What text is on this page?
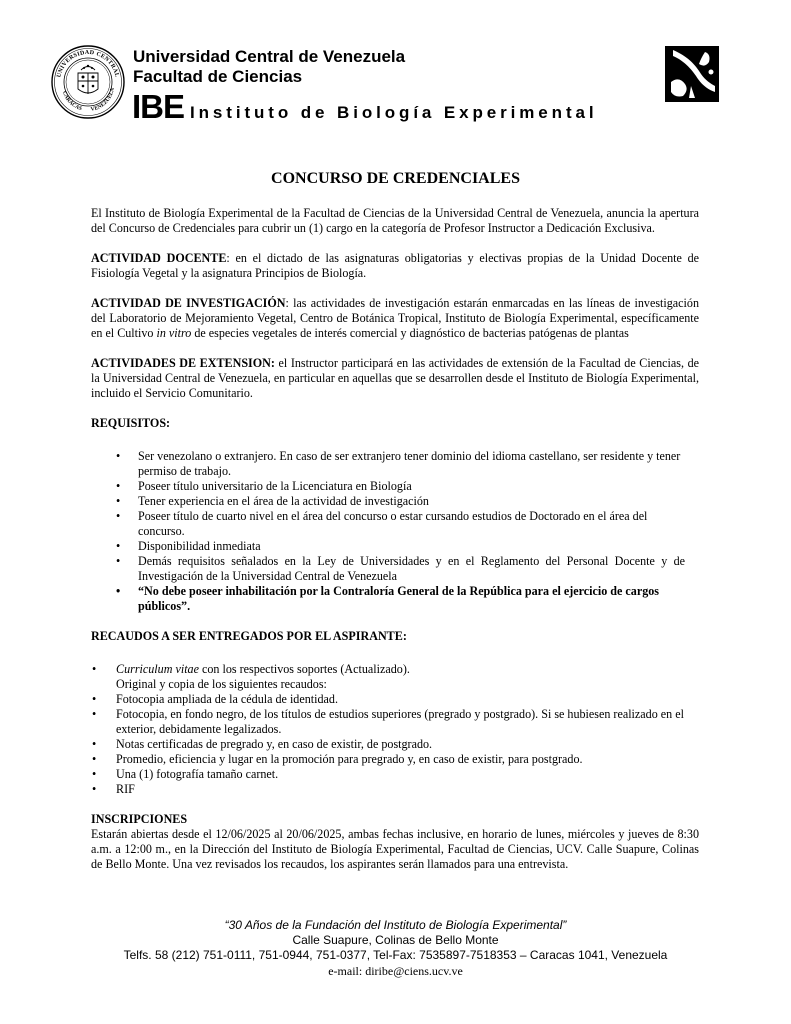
UNIVERSIDAD CENTRAL
CARACAS VENEZUELA
Universidad Central de Venezuela
Facultad de Ciencias
IBE Instituto de Biología Experimental
CONCURSO DE CREDENCIALES

El Instituto de Biología Experimental de la Facultad de Ciencias de la Universidad Central de Venezuela, anuncia la apertura del Concurso de Credenciales para cubrir un (1) cargo en la categoría de Profesor Instructor a Dedicación Exclusiva.

ACTIVIDAD DOCENTE: en el dictado de las asignaturas obligatorias y electivas propias de la Unidad Docente de Fisiología Vegetal y la asignatura Principios de Biología.

ACTIVIDAD DE INVESTIGACIÓN: las actividades de investigación estarán enmarcadas en las líneas de investigación del Laboratorio de Mejoramiento Vegetal, Centro de Botánica Tropical, Instituto de Biología Experimental, específicamente en el Cultivo in vitro de especies vegetales de interés comercial y diagnóstico de bacterias patógenas de plantas

ACTIVIDADES DE EXTENSION: el Instructor participará en las actividades de extensión de la Facultad de Ciencias, de la Universidad Central de Venezuela, en particular en aquellas que se desarrollen desde el Instituto de Biología Experimental, incluido el Servicio Comunitario.

REQUISITOS:

• Ser venezolano o extranjero. En caso de ser extranjero tener dominio del idioma castellano, ser residente y tener permiso de trabajo.
• Poseer título universitario de la Licenciatura en Biología
• Tener experiencia en el área de la actividad de investigación
• Poseer título de cuarto nivel en el área del concurso o estar cursando estudios de Doctorado en el área del concurso.
• Disponibilidad inmediata
• Demás requisitos señalados en la Ley de Universidades y en el Reglamento del Personal Docente y de Investigación de la Universidad Central de Venezuela
• “No debe poseer inhabilitación por la Contraloría General de la República para el ejercicio de cargos públicos”.

RECAUDOS A SER ENTREGADOS POR EL ASPIRANTE:

• Curriculum vitae con los respectivos soportes (Actualizado).
Original y copia de los siguientes recaudos:
• Fotocopia ampliada de la cédula de identidad.
• Fotocopia, en fondo negro, de los títulos de estudios superiores (pregrado y postgrado). Si se hubiesen realizado en el exterior, debidamente legalizados.
• Notas certificadas de pregrado y, en caso de existir, de postgrado.
• Promedio, eficiencia y lugar en la promoción para pregrado y, en caso de existir, para postgrado.
• Una (1) fotografía tamaño carnet.
• RIF

INSCRIPCIONES
Estarán abiertas desde el 12/06/2025 al 20/06/2025, ambas fechas inclusive, en horario de lunes, miércoles y jueves de 8:30 a.m. a 12:00 m., en la Dirección del Instituto de Biología Experimental, Facultad de Ciencias, UCV. Calle Suapure, Colinas de Bello Monte. Una vez revisados los recaudos, los aspirantes serán llamados para una entrevista.

“30 Años de la Fundación del Instituto de Biología Experimental”
Calle Suapure, Colinas de Bello Monte
Telfs. 58 (212) 751-0111, 751-0944, 751-0377, Tel-Fax: 7535897-7518353 – Caracas 1041, Venezuela
e-mail: diribe@ciens.ucv.ve
